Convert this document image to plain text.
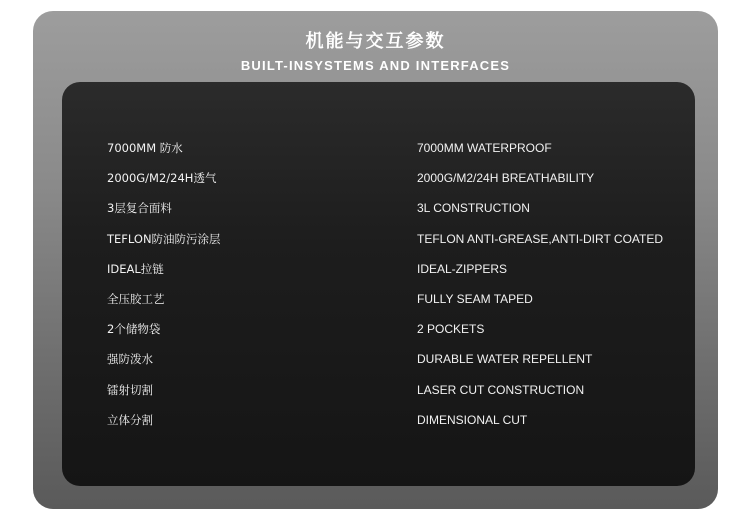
机能与交互参数
BUILT-INSYSTEMS AND INTERFACES
7000MM 防水	7000MM WATERPROOF
2000G/M2/24H透气	2000G/M2/24H BREATHABILITY
3层复合面料	3L CONSTRUCTION
TEFLON防油防污涂层	TEFLON ANTI-GREASE,ANTI-DIRT COATED
IDEAL拉链	IDEAL-ZIPPERS
全压胶工艺	FULLY SEAM TAPED
2个储物袋	2 POCKETS
强防泼水	DURABLE WATER REPELLENT
镭射切割	LASER CUT CONSTRUCTION
立体分割	DIMENSIONAL CUT
